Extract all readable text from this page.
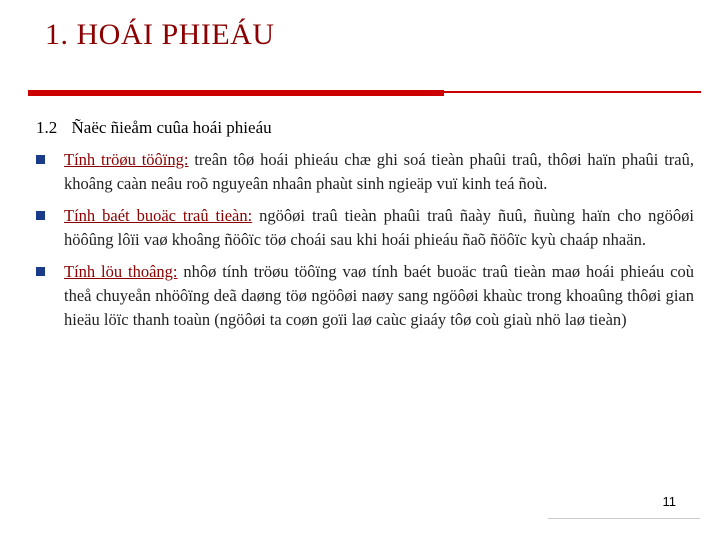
1. HOÁI PHIEÁU
1.2 Ñaëc ñieåm cuûa hoái phieáu
Tính tröøu töôïng: treân tôø hoái phieáu chæ ghi soá tieàn phaûi traû, thôøi haïn phaûi traû, khoâng caàn neâu roõ nguyeân nhaân phaùt sinh ngieäp vuï kinh teá ñoù.
Tính baét buoäc traû tieàn: ngöôøi traû tieàn phaûi traû ñaày ñuû, ñuùng haïn cho ngöôøi höôûng lôïi vaø khoâng ñöôïc töø choái sau khi hoái phieáu ñaõ ñöôïc kyù chaáp nhaän.
Tính löu thoâng: nhôø tính tröøu töôïng vaø tính baét buoäc traû tieàn maø hoái phieáu coù theå chuyeån nhöôïng deã daøng töø ngöôøi naøy sang ngöôøi khaùc trong khoaûng thôøi gian hieäu löïc thanh toaùn (ngöôøi ta coøn goïi laø caùc giaáy tôø coù giaù nhö laø tieàn)
11
